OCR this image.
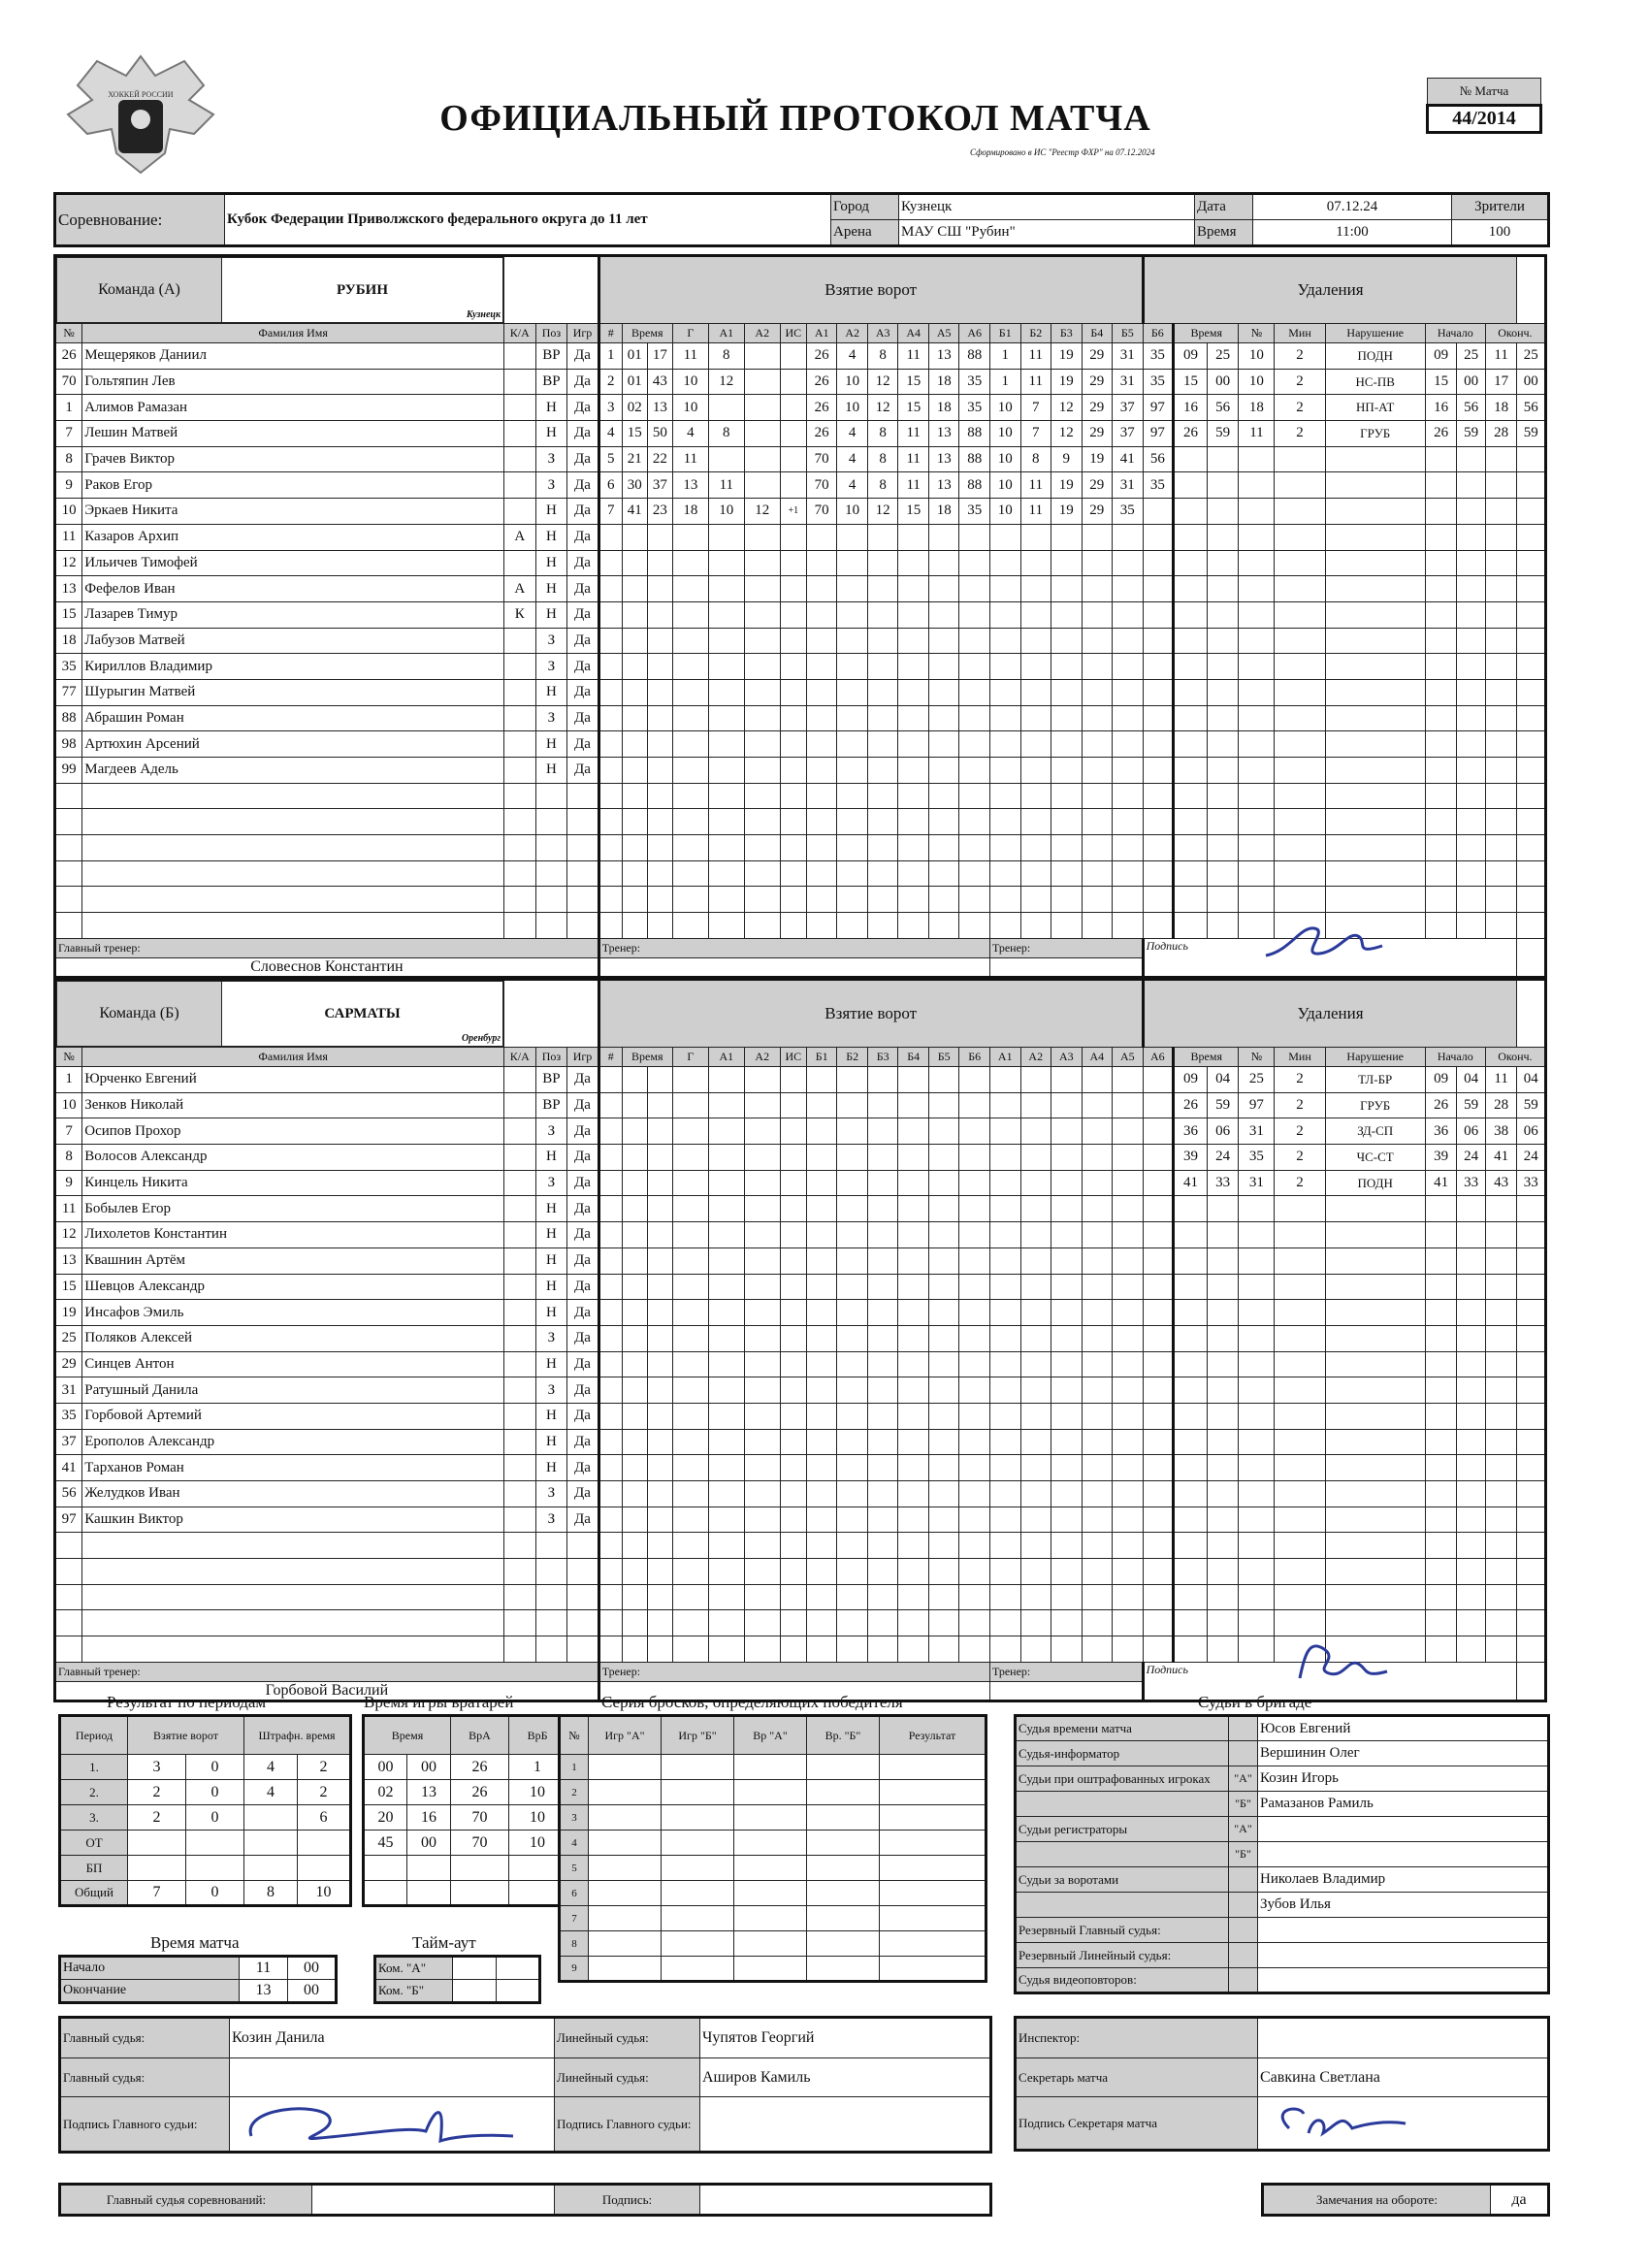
ХОККЕЙ РОССИИ
ОФИЦИАЛЬНЫЙ ПРОТОКОЛ МАТЧА
Сформировано в ИС "Реестр ФХР" на 07.12.2024
№ Матча
44/2014
Соревнование:	Кубок Федерации Приволжского федерального округа до 11 лет	Город	Кузнецк	Дата	07.12.24	Зрители
		Арена	МАУ СШ "Рубин"	Время	11:00	100
Команда (А)	РУБИН
Кузнецк
		Взятие ворот	Удаления
№	Фамилия Имя	К/А	Поз	Игр	#	Время	Г	А1	А2	ИС	А1	А2	А3	А4	А5	А6	Б1	Б2	Б3	Б4	Б5	Б6	Время	№	Мин	Нарушение	Начало	Оконч.
26	Мещеряков Даниил		ВР	Да	1	01	17	11	8			26	4	8	11	13	88	1	11	19	29	31	35	09	25	10	2	ПОДН	09	25	11	25
70	Гольтяпин Лев		ВР	Да	2	01	43	10	12			26	10	12	15	18	35	1	11	19	29	31	35	15	00	10	2	НС-ПВ	15	00	17	00
1	Алимов Рамазан		Н	Да	3	02	13	10				26	10	12	15	18	35	10	7	12	29	37	97	16	56	18	2	НП-АТ	16	56	18	56
7	Лешин Матвей		Н	Да	4	15	50	4	8			26	4	8	11	13	88	10	7	12	29	37	97	26	59	11	2	ГРУБ	26	59	28	59
8	Грачев Виктор		З	Да	5	21	22	11				70	4	8	11	13	88	10	8	9	19	41	56									
9	Раков Егор		З	Да	6	30	37	13	11			70	4	8	11	13	88	10	11	19	29	31	35									
10	Эркаев Никита		Н	Да	7	41	23	18	10	12	+1	70	10	12	15	18	35	10	11	19	29	35										
11	Казаров Архип	А	Н	Да																												
12	Ильичев Тимофей		Н	Да																												
13	Фефелов Иван	А	Н	Да																												
15	Лазарев Тимур	К	Н	Да																												
18	Лабузов Матвей		З	Да																												
35	Кириллов Владимир		З	Да																												
77	Шурыгин Матвей		Н	Да																												
88	Абрашин Роман		З	Да																												
98	Артюхин Арсений		Н	Да																												
99	Магдеев Адель		Н	Да																												

Главный тренер:	Тренер:	Тренер:	Подпись
Словеснов Константин		
Команда (Б)	САРМАТЫ
Оренбург
		Взятие ворот	Удаления
№	Фамилия Имя	К/А	Поз	Игр	#	Время	Г	А1	А2	ИС	Б1	Б2	Б3	Б4	Б5	Б6	А1	А2	А3	А4	А5	А6	Время	№	Мин	Нарушение	Начало	Оконч.
1	Юрченко Евгений		ВР	Да																				09	04	25	2	ТЛ-БР	09	04	11	04
10	Зенков Николай		ВР	Да																				26	59	97	2	ГРУБ	26	59	28	59
7	Осипов Прохор		З	Да																				36	06	31	2	ЗД-СП	36	06	38	06
8	Волосов Александр		Н	Да																				39	24	35	2	ЧС-СТ	39	24	41	24
9	Кинцель Никита		З	Да																				41	33	31	2	ПОДН	41	33	43	33
11	Бобылев Егор		Н	Да																												
12	Лихолетов Константин		Н	Да																												
13	Квашнин Артём		Н	Да																												
15	Шевцов Александр		Н	Да																												
19	Инсафов Эмиль		Н	Да																												
25	Поляков Алексей		З	Да																												
29	Синцев Антон		Н	Да																												
31	Ратушный Данила		З	Да																												
35	Горбовой Артемий		Н	Да																												
37	Ерополов Александр		Н	Да																												
41	Тарханов Роман		Н	Да																												
56	Желудков Иван		З	Да																												
97	Кашкин Виктор		З	Да																												

Главный тренер:	Тренер:	Тренер:	Подпись
Горбовой Василий		
Результат по периодам	Время игры вратарей	Серия бросков, определяющих победителя	Судьи в бригаде
Период	Взятие ворот		Штрафн. время	
1.	3	0	4	2
2.	2	0	4	2
3.	2	0		6
ОТ				
БП				
Общий	7	0	8	10
Время		ВрА	ВрБ
00	00	26	1
02	13	26	10
20	16	70	10
45	00	70	10

№	Игр "А"	Игр "Б"	Вр "А"	Вр. "Б"	Результат
1					
2					
3					
4					
5					
6					
7					
8					
9					
Судья времени матча		Юсов Евгений
Судья-информатор		Вершинин Олег
Судьи при оштрафованных игроках	"А"	Козин Игорь
	"Б"	Рамазанов Рамиль
Судьи регистраторы	"А"	
	"Б"	
Судьи за воротами		Николаев Владимир
		Зубов Илья
Резервный Главный судья:		
Резервный Линейный судья:		
Судья видеоповторов:		
Время матча
Начало	11	00
Окончание	13	00
Тайм-аут
Ком. "А"		
Ком. "Б"		
Главный судья:	Козин Данила	Линейный судья:	Чупятов Георгий
Главный судья:		Линейный судья:	Аширов Камиль
Подпись Главного судьи:		Подпись Главного судьи:	
Инспектор:	
Секретарь матча	Савкина Светлана
Подпись Секретаря матча	
Главный судья соревнований:		Подпись:		Замечания на обороте:	да
